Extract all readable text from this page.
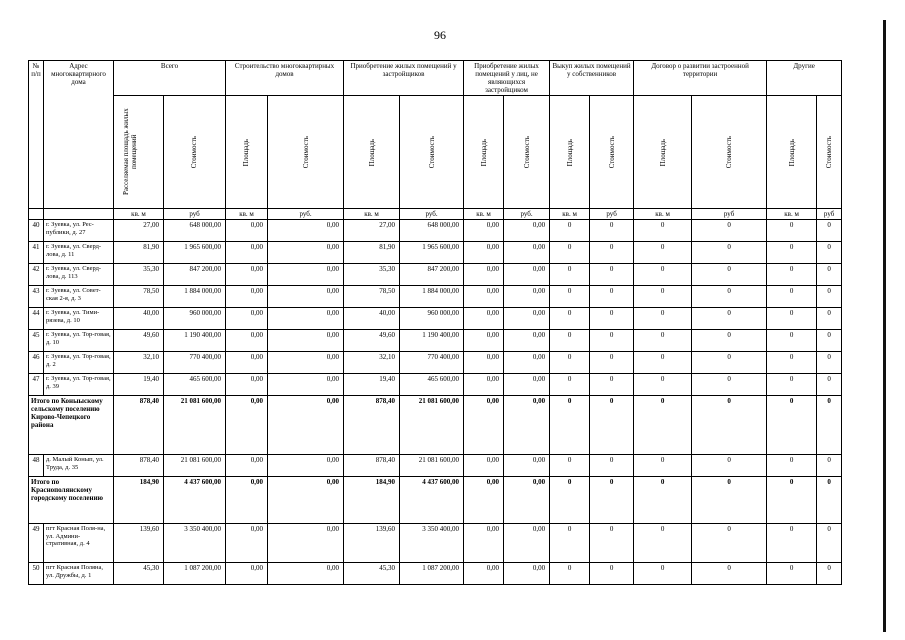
96
№ п/п	Адрес многоквартирного дома	Всего		Строительство многоквартирных домов		Приобретение жилых помещений у застройщиков		Приобретение жилых помещений у лиц, не являющихся застройщиком		Выкуп жилых помещений у собственников		Договор о развитии застроенной территории		Другие	

		Расселяемая площадь жилых помещений	Стоимость	Площадь	Стоимость	Площадь	Стоимость	Площадь	Стоимость	Площадь	Стоимость	Площадь	Стоимость	Площадь	Стоимость

		кв. м	руб	кв. м	руб.	кв. м	руб.	кв. м	руб.	кв. м	руб	кв. м	руб	кв. м	руб
40	г. Зуевка, ул. Рес-публики, д. 27	27,00	648 000,00	0,00	0,00	27,00	648 000,00	0,00	0,00	0	0	0	0	0	0
41	г. Зуевка, ул. Сверд-лова, д. 11	81,90	1 965 600,00	0,00	0,00	81,90	1 965 600,00	0,00	0,00	0	0	0	0	0	0
42	г. Зуевка, ул. Сверд-лова, д. 113	35,30	847 200,00	0,00	0,00	35,30	847 200,00	0,00	0,00	0	0	0	0	0	0
43	г. Зуевка, ул. Совет-ская 2-я, д. 3	78,50	1 884 000,00	0,00	0,00	78,50	1 884 000,00	0,00	0,00	0	0	0	0	0	0
44	г. Зуевка, ул. Тими-рязева, д. 10	40,00	960 000,00	0,00	0,00	40,00	960 000,00	0,00	0,00	0	0	0	0	0	0
45	г. Зуевка, ул. Тор-говая, д. 10	49,60	1 190 400,00	0,00	0,00	49,60	1 190 400,00	0,00	0,00	0	0	0	0	0	0
46	г. Зуевка, ул. Тор-говая, д. 2	32,10	770 400,00	0,00	0,00	32,10	770 400,00	0,00	0,00	0	0	0	0	0	0
47	г. Зуевка, ул. Тор-говая, д. 39	19,40	465 600,00	0,00	0,00	19,40	465 600,00	0,00	0,00	0	0	0	0	0	0
Итого по Коныыскому сельскому поселению Кирово-Чепецкого района		878,40	21 081 600,00	0,00	0,00	878,40	21 081 600,00	0,00	0,00	0	0	0	0	0	0
48	д. Малый Конып, ул. Труда, д. 35	878,40	21 081 600,00	0,00	0,00	878,40	21 081 600,00	0,00	0,00	0	0	0	0	0	0
Итого по Краснополянскому городскому поселению		184,90	4 437 600,00	0,00	0,00	184,90	4 437 600,00	0,00	0,00	0	0	0	0	0	0
49	пгт Красная Поля-на, ул. Админи-стративная, д. 4	139,60	3 350 400,00	0,00	0,00	139,60	3 350 400,00	0,00	0,00	0	0	0	0	0	0
50	пгт Красная Поляна, ул. Дружбы, д. 1	45,30	1 087 200,00	0,00	0,00	45,30	1 087 200,00	0,00	0,00	0	0	0	0	0	0
